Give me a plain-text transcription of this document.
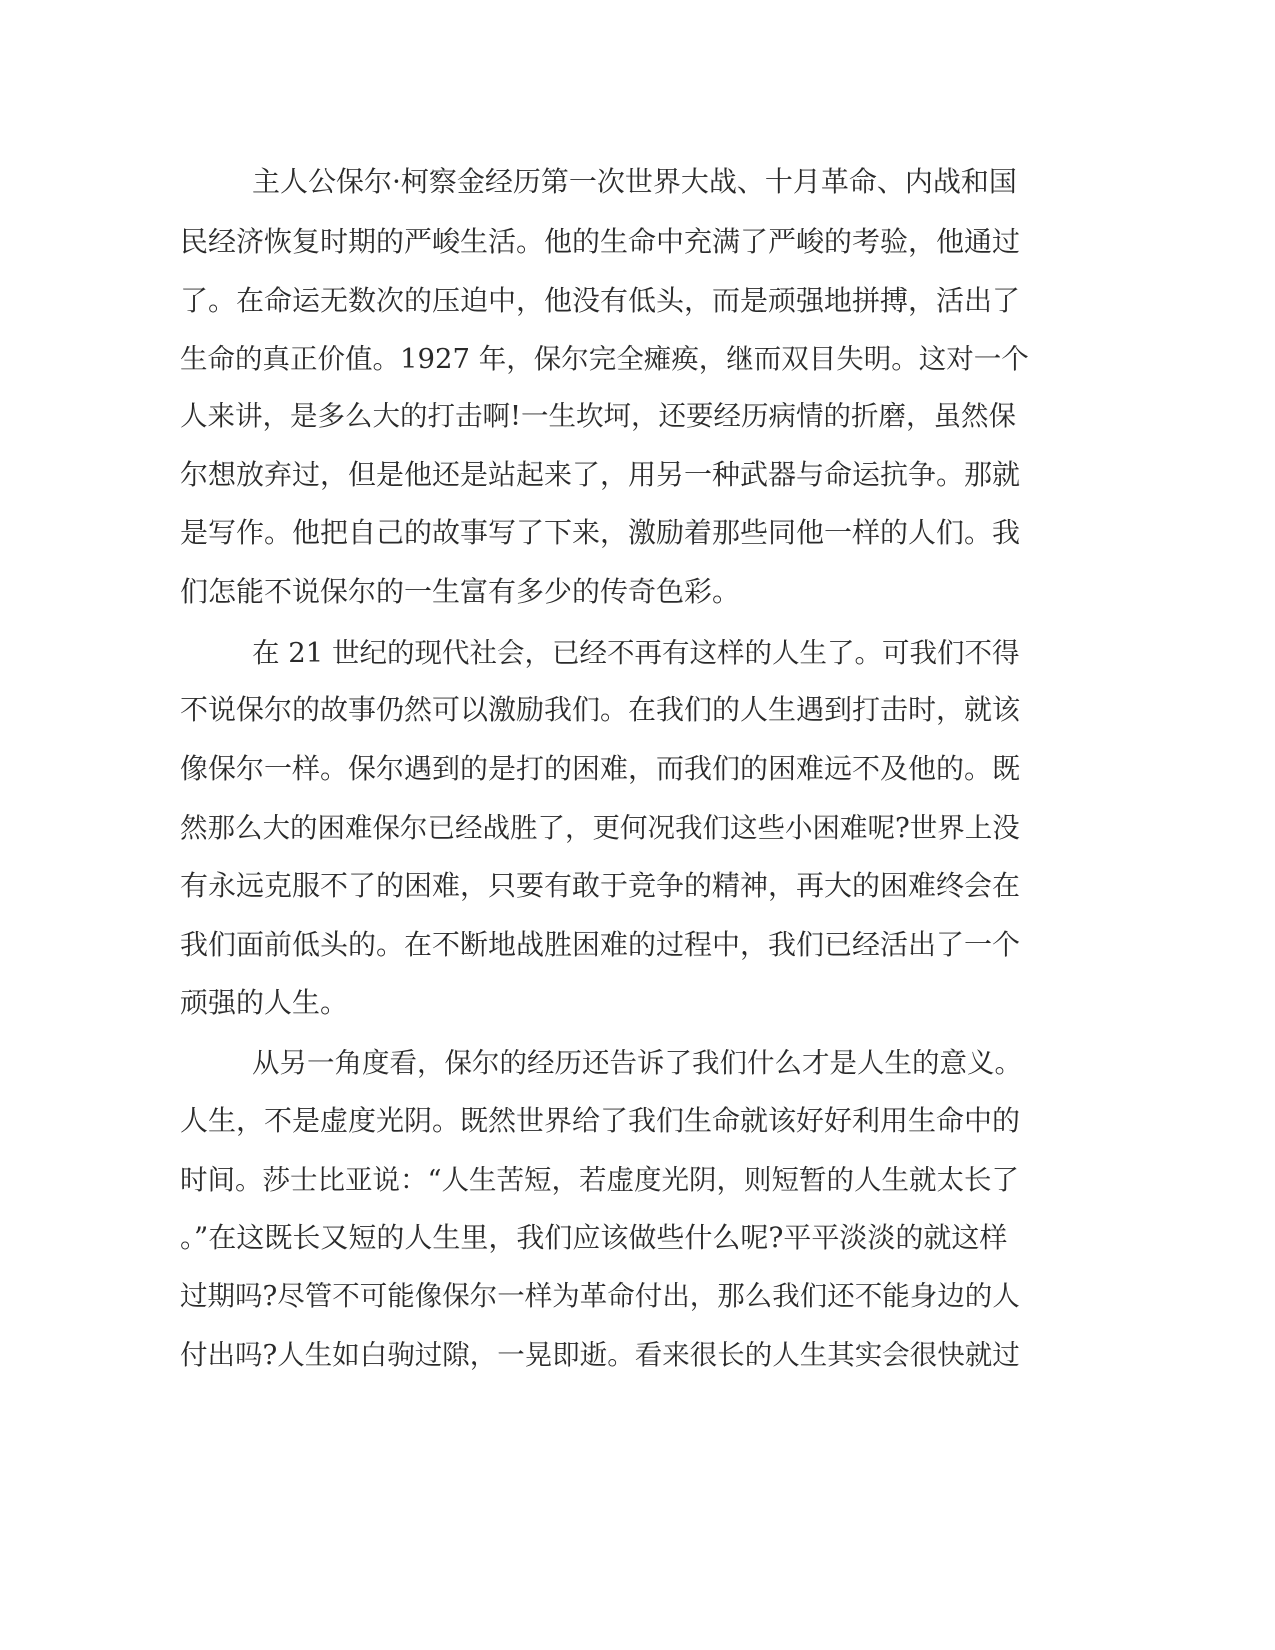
主人公保尔·柯察金经历第一次世界大战、十月革命、内战和国
民经济恢复时期的严峻生活。他的生命中充满了严峻的考验，他通过
了。在命运无数次的压迫中，他没有低头，而是顽强地拼搏，活出了
生命的真正价值。1927 年，保尔完全瘫痪，继而双目失明。这对一个
人来讲，是多么大的打击啊!一生坎坷，还要经历病情的折磨，虽然保
尔想放弃过，但是他还是站起来了，用另一种武器与命运抗争。那就
是写作。他把自己的故事写了下来，激励着那些同他一样的人们。我
们怎能不说保尔的一生富有多少的传奇色彩。
在 21 世纪的现代社会，已经不再有这样的人生了。可我们不得
不说保尔的故事仍然可以激励我们。在我们的人生遇到打击时，就该
像保尔一样。保尔遇到的是打的困难，而我们的困难远不及他的。既
然那么大的困难保尔已经战胜了，更何况我们这些小困难呢?世界上没
有永远克服不了的困难，只要有敢于竞争的精神，再大的困难终会在
我们面前低头的。在不断地战胜困难的过程中，我们已经活出了一个
顽强的人生。
从另一角度看，保尔的经历还告诉了我们什么才是人生的意义。
人生，不是虚度光阴。既然世界给了我们生命就该好好利用生命中的
时间。莎士比亚说：“人生苦短，若虚度光阴，则短暂的人生就太长了
。”在这既长又短的人生里，我们应该做些什么呢?平平淡淡的就这样
过期吗?尽管不可能像保尔一样为革命付出，那么我们还不能身边的人
付出吗?人生如白驹过隙，一晃即逝。看来很长的人生其实会很快就过
